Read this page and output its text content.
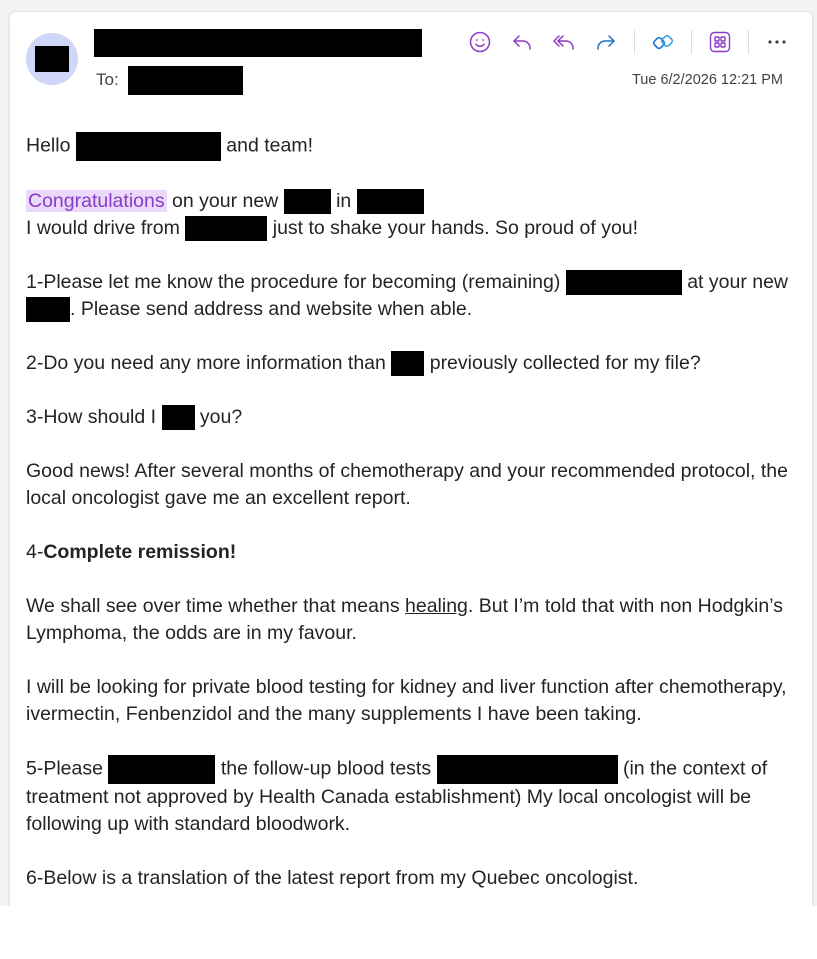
To:	Tue 6/2/2026 12:21 PM

Hello	and team!

Congratulations on your new	in
I would drive from	just to shake your hands. So proud of you!

1-Please let me know the procedure for becoming (remaining)	at your new . Please send address and website when able.

2-Do you need any more information than previously collected for my file?

3-How should I you?

Good news! After several months of chemotherapy and your recommended protocol, the local oncologist gave me an excellent report.

4-Complete remission!

We shall see over time whether that means healing. But I’m told that with non Hodgkin’s Lymphoma, the odds are in my favour.

I will be looking for private blood testing for kidney and liver function after chemotherapy, ivermectin, Fenbenzidol and the many supplements I have been taking.

5-Please	the follow-up blood tests	(in the context of treatment not approved by Health Canada establishment) My local oncologist will be following up with standard bloodwork.

6-Below is a translation of the latest report from my Quebec oncologist.
